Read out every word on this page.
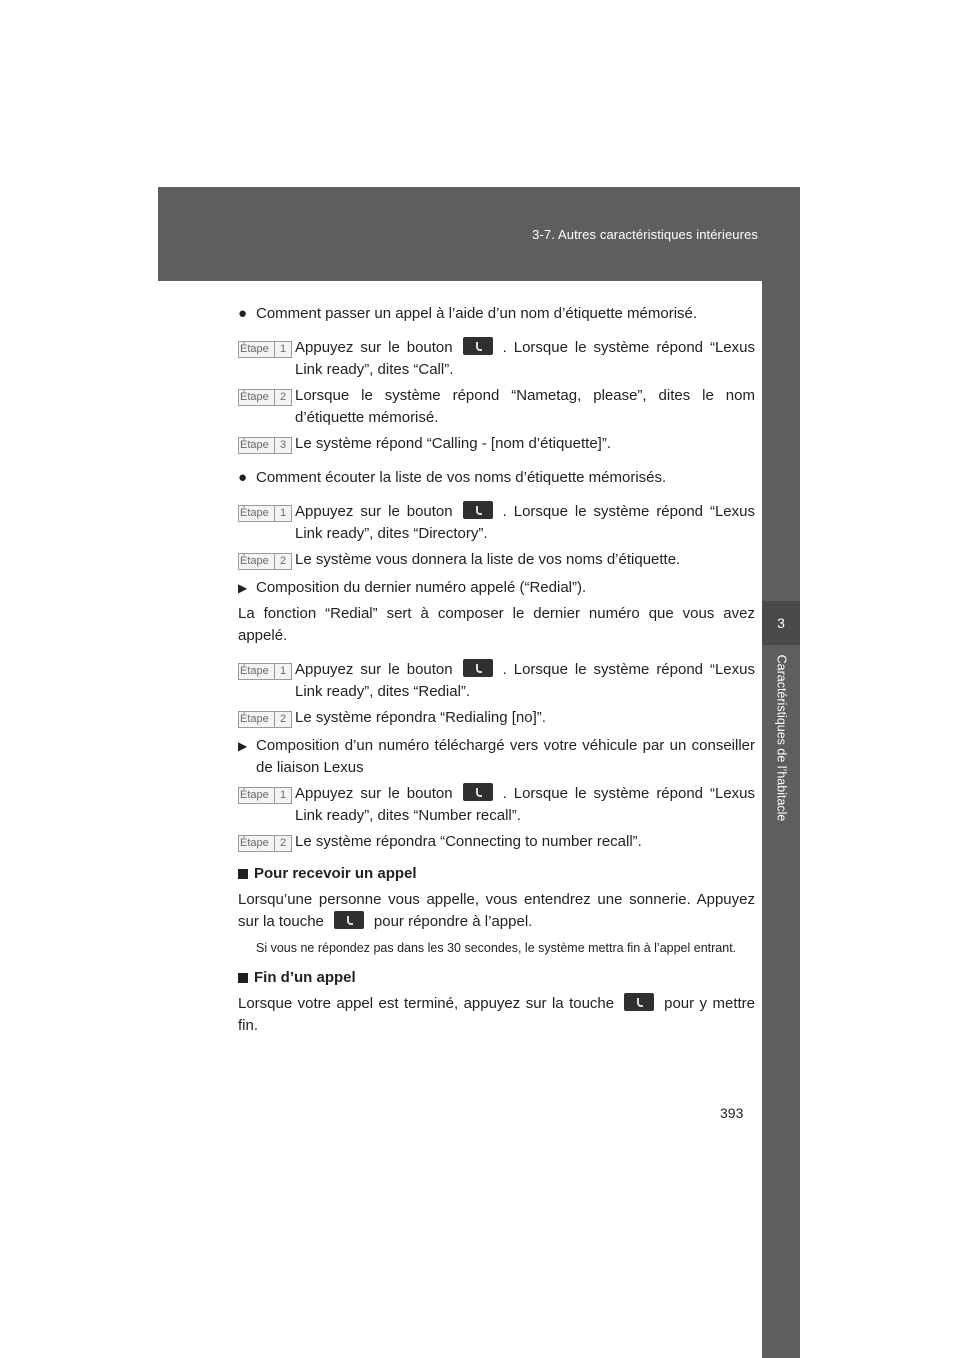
3-7. Autres caractéristiques intérieures
3
Caractéristiques de l’habitacle
● Comment passer un appel à l’aide d’un nom d’étiquette mémorisé.
Étape	1 Appuyez sur le bouton	. Lorsque le système répond “Lexus Link ready”, dites “Call”.
Étape	2 Lorsque le système répond “Nametag, please”, dites le nom d’étiquette mémorisé.
Étape	3 Le système répond “Calling - [nom d’étiquette]”.
● Comment écouter la liste de vos noms d’étiquette mémorisés.
Étape	1 Appuyez sur le bouton	. Lorsque le système répond “Lexus Link ready”, dites “Directory”.
Étape	2 Le système vous donnera la liste de vos noms d’étiquette.
▶ Composition du dernier numéro appelé (“Redial”).
La fonction “Redial” sert à composer le dernier numéro que vous avez appelé.
Étape	1 Appuyez sur le bouton	. Lorsque le système répond “Lexus Link ready”, dites “Redial”.
Étape	2 Le système répondra “Redialing [no]”.
▶ Composition d’un numéro téléchargé vers votre véhicule par un conseiller de liaison Lexus
Étape	1 Appuyez sur le bouton	. Lorsque le système répond “Lexus Link ready”, dites “Number recall”.
Étape	2 Le système répondra “Connecting to number recall”.
Pour recevoir un appel
Lorsqu’une personne vous appelle, vous entendrez une sonnerie. Appuyez sur la touche	pour répondre à l’appel.
Si vous ne répondez pas dans les 30 secondes, le système mettra fin à l’appel entrant.
Fin d’un appel
Lorsque votre appel est terminé, appuyez sur la touche	pour y mettre fin.
393
